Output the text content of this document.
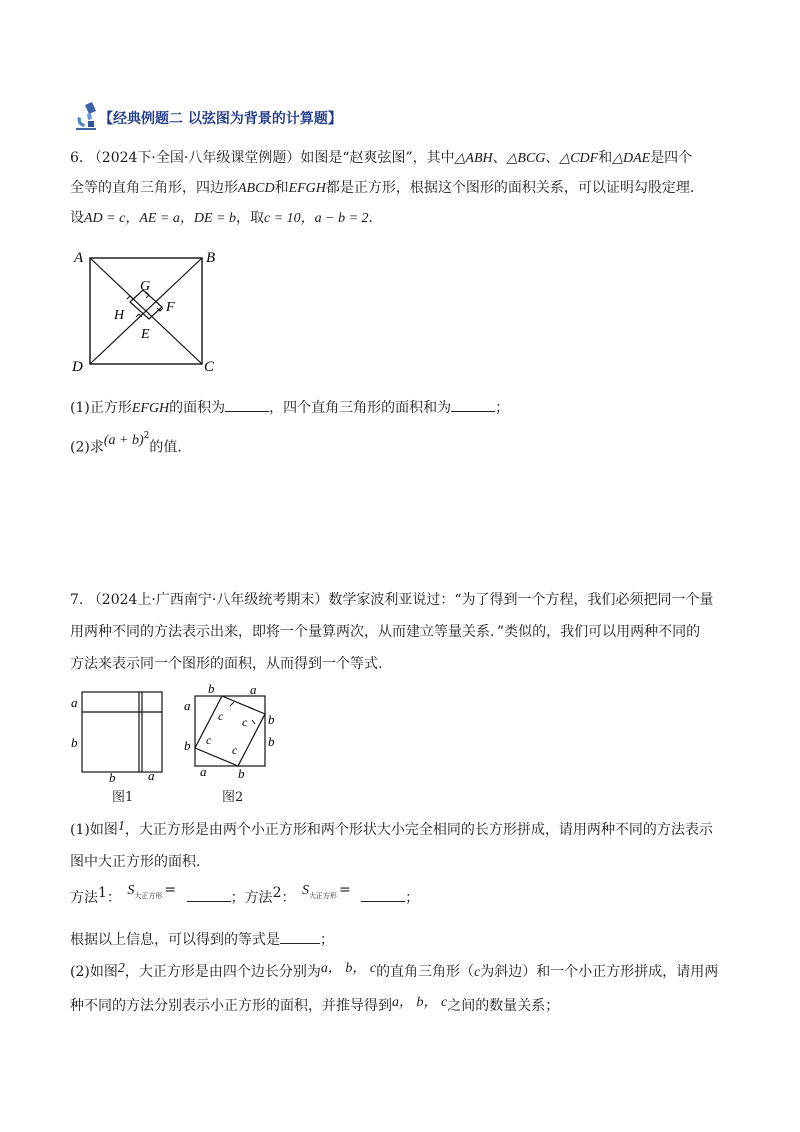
【经典例题二 以弦图为背景的计算题】
6. （2024下·全国·八年级课堂例题）如图是“赵爽弦图”，其中△ABH、△BCG、△CDF和△DAE是四个
全等的直角三角形，四边形ABCD和EFGH都是正方形，根据这个图形的面积关系，可以证明勾股定理.
设AD = c，AE = a，DE = b，取c = 10，a − b = 2.
A	B
C
D
G
F
H
E
(1)正方形EFGH的面积为	，四个直角三角形的面积和为	；
(2)求$(a + b)^2$的值.
7. （2024上·广西南宁·八年级统考期末）数学家波利亚说过：“为了得到一个方程，我们必须把同一个量
用两种不同的方法表示出来，即将一个量算两次，从而建立等量关系．”类似的，我们可以用两种不同的
方法来表示同一个图形的面积，从而得到一个等式.
a
b
b	a
图1
b	a
a
b
b
b
a b
c c
c
c
图2
(1)如图1，大正方形是由两个小正方形和两个形状大小完全相同的长方形拼成，请用两种不同的方法表示
图中大正方形的面积.
方法1： $S_{大正方形}$ =	；方法2： $S_{大正方形}$ =	；
根据以上信息，可以得到的等式是	；
(2)如图2，大正方形是由四个边长分别为a， b， c的直角三角形（c为斜边）和一个小正方形拼成，请用两
种不同的方法分别表示小正方形的面积，并推导得到a， b， c之间的数量关系；
